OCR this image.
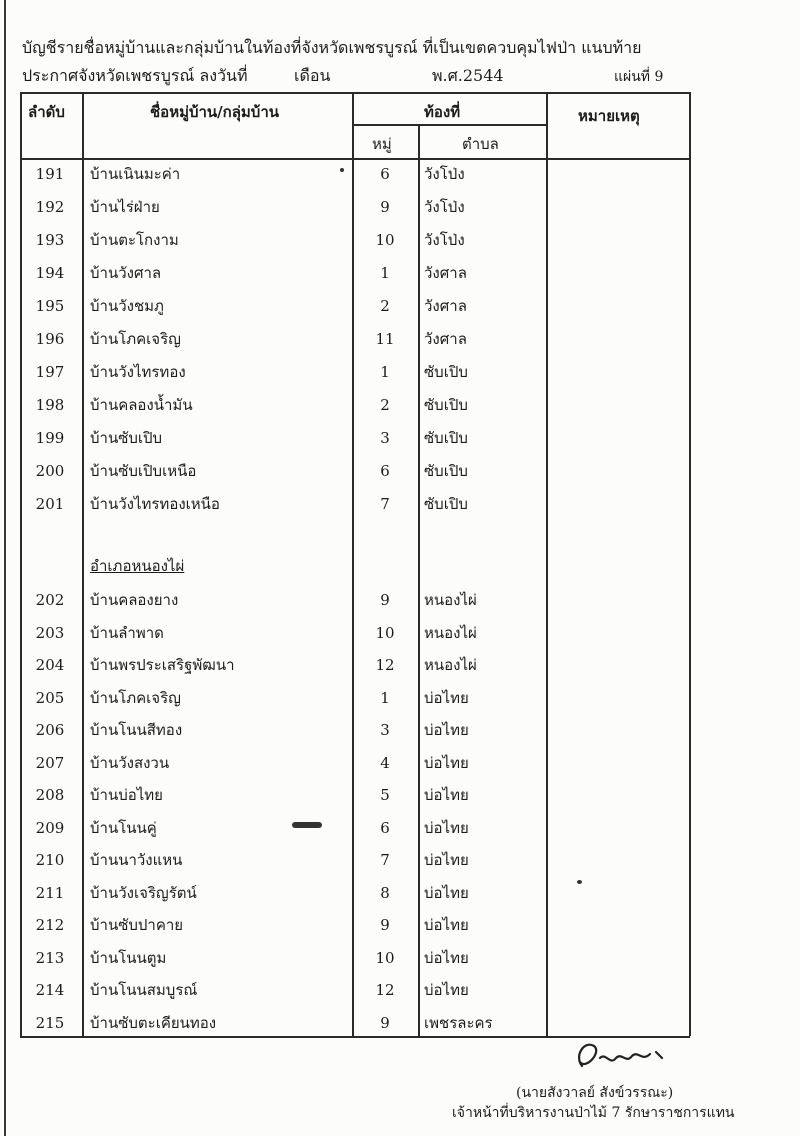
บัญชีรายชื่อหมู่บ้านและกลุ่มบ้านในท้องที่จังหวัดเพชรบูรณ์ ที่เป็นเขตควบคุมไฟป่า แนบท้าย
ประกาศจังหวัดเพชรบูรณ์ ลงวันที่	เดือน	พ.ศ.2544	แผ่นที่ 9
ลำดับ	ชื่อหมู่บ้าน/กลุ่มบ้าน	ท้องที่	หมายเหตุ
หมู่	ตำบล
191	บ้านเนินมะค่า	6	วังโป่ง
192	บ้านไร่ฝ่าย	9	วังโป่ง
193	บ้านตะโกงาม	10	วังโป่ง
194	บ้านวังศาล	1	วังศาล
195	บ้านวังชมภู	2	วังศาล
196	บ้านโภคเจริญ	11	วังศาล
197	บ้านวังไทรทอง	1	ซับเปิบ
198	บ้านคลองน้ำมัน	2	ซับเปิบ
199	บ้านซับเปิบ	3	ซับเปิบ
200	บ้านซับเปิบเหนือ	6	ซับเปิบ
201	บ้านวังไทรทองเหนือ	7	ซับเปิบ
อำเภอหนองไผ่
202	บ้านคลองยาง	9	หนองไผ่
203	บ้านลำพาด	10	หนองไผ่
204	บ้านพรประเสริฐพัฒนา	12	หนองไผ่
205	บ้านโภคเจริญ	1	บ่อไทย
206	บ้านโนนสีทอง	3	บ่อไทย
207	บ้านวังสงวน	4	บ่อไทย
208	บ้านบ่อไทย	5	บ่อไทย
209	บ้านโนนคู่	6	บ่อไทย
210	บ้านนาวังแหน	7	บ่อไทย
211	บ้านวังเจริญรัตน์	8	บ่อไทย
212	บ้านซับปาคาย	9	บ่อไทย
213	บ้านโนนตูม	10	บ่อไทย
214	บ้านโนนสมบูรณ์	12	บ่อไทย
215	บ้านซับตะเคียนทอง	9	เพชรละคร
(นายสังวาลย์ สังข์วรรณะ)
เจ้าหน้าที่บริหารงานป่าไม้ 7 รักษาราชการแทน
